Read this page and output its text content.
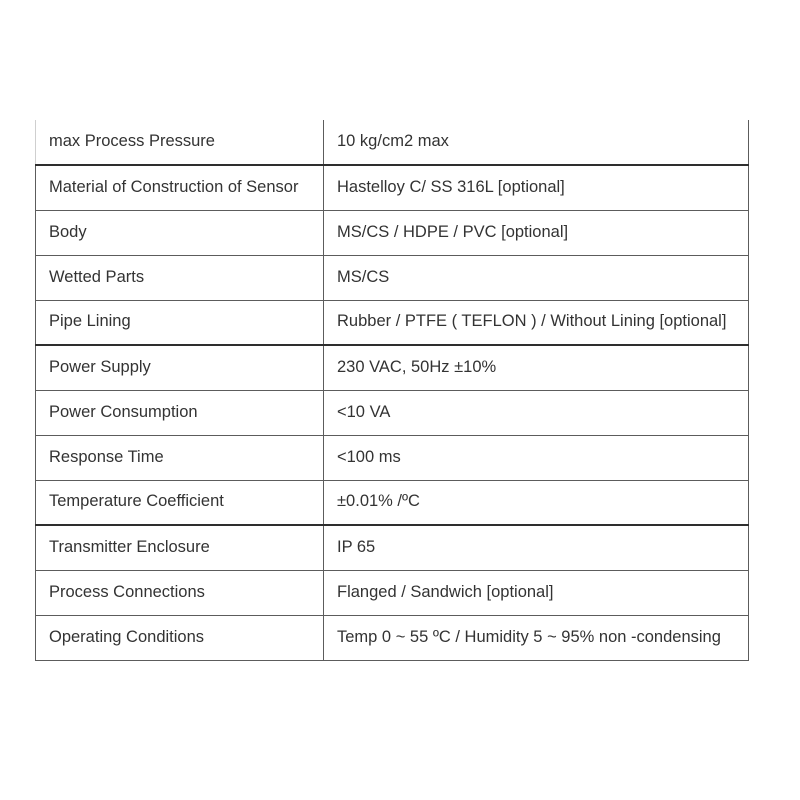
max Process Pressure	10 kg/cm2 max
Material of Construction of Sensor	Hastelloy C/ SS 316L [optional]
Body	MS/CS / HDPE / PVC [optional]
Wetted Parts	MS/CS
Pipe Lining	Rubber / PTFE ( TEFLON ) / Without Lining [optional]
Power Supply	230 VAC, 50Hz ±10%
Power Consumption	<10 VA
Response Time	<100 ms
Temperature Coefficient	±0.01% /ºC
Transmitter Enclosure	IP 65
Process Connections	Flanged / Sandwich [optional]
Operating Conditions	Temp 0 ~ 55 ºC / Humidity 5 ~ 95% non -condensing
